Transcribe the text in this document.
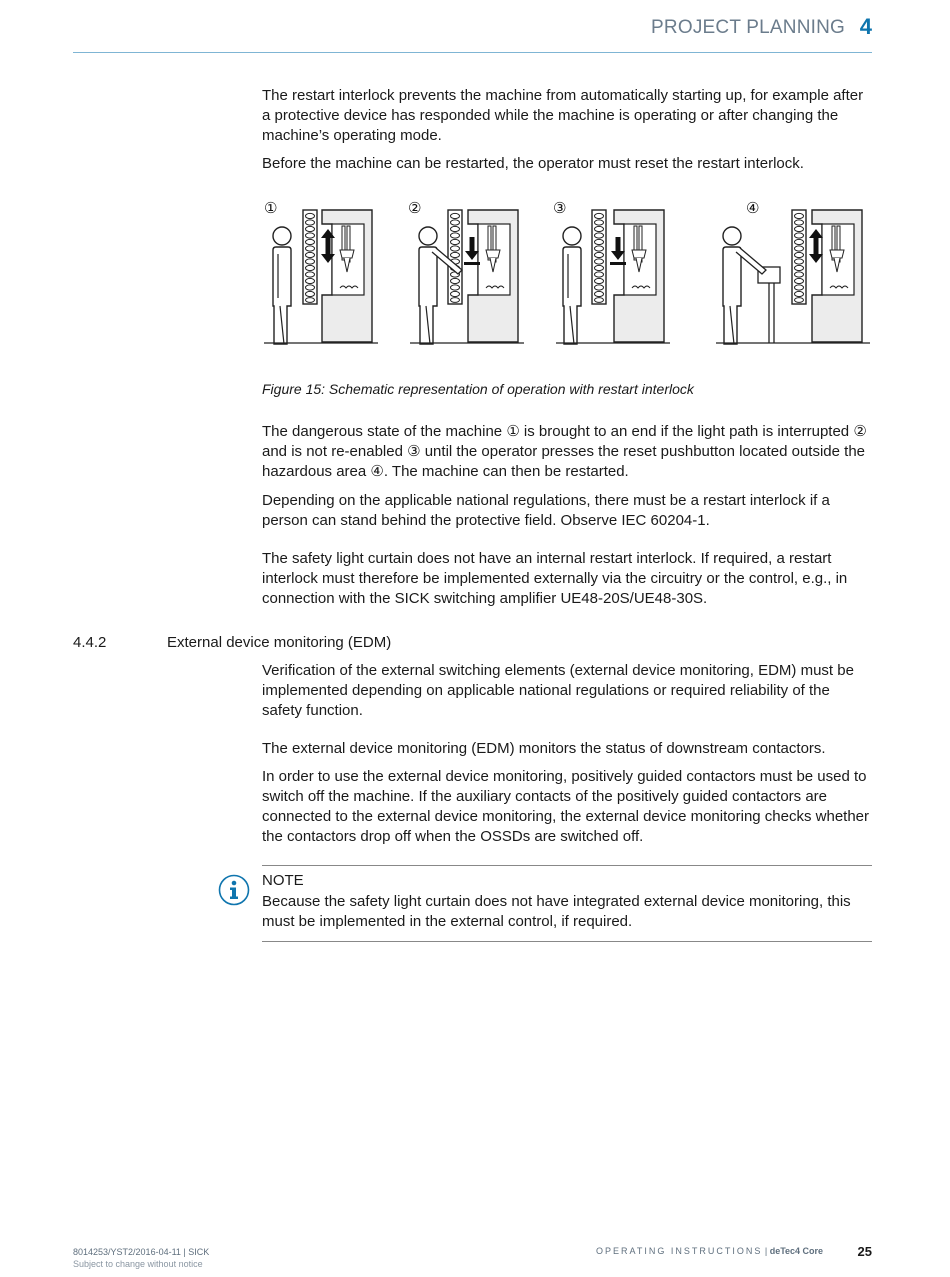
PROJECT PLANNING 4

The restart interlock prevents the machine from automatically starting up, for example after a protective device has responded while the machine is operating or after changing the machine’s operating mode.

Before the machine can be restarted, the operator must reset the restart interlock.

①	②	③	④

Figure 15: Schematic representation of operation with restart interlock

The dangerous state of the machine ① is brought to an end if the light path is interrupted ② and is not re-enabled ③ until the operator presses the reset pushbutton located outside the hazardous area ④. The machine can then be restarted.

Depending on the applicable national regulations, there must be a restart interlock if a person can stand behind the protective field. Observe IEC 60204-1.

The safety light curtain does not have an internal restart interlock. If required, a restart interlock must therefore be implemented externally via the circuitry or the control, e.g., in connection with the SICK switching amplifier UE48-20S/UE48-30S.

4.4.2	External device monitoring (EDM)

Verification of the external switching elements (external device monitoring, EDM) must be implemented depending on applicable national regulations or required reliability of the safety function.

The external device monitoring (EDM) monitors the status of downstream contactors.

In order to use the external device monitoring, positively guided contactors must be used to switch off the machine. If the auxiliary contacts of the positively guided contactors are connected to the external device monitoring, the external device monitoring checks whether the contactors drop off when the OSSDs are switched off.

NOTE

Because the safety light curtain does not have integrated external device monitoring, this must be implemented in the external control, if required.

8014253/YST2/2016-04-11 | SICK
Subject to change without notice
OPERATING INSTRUCTIONS | deTec4 Core	25
